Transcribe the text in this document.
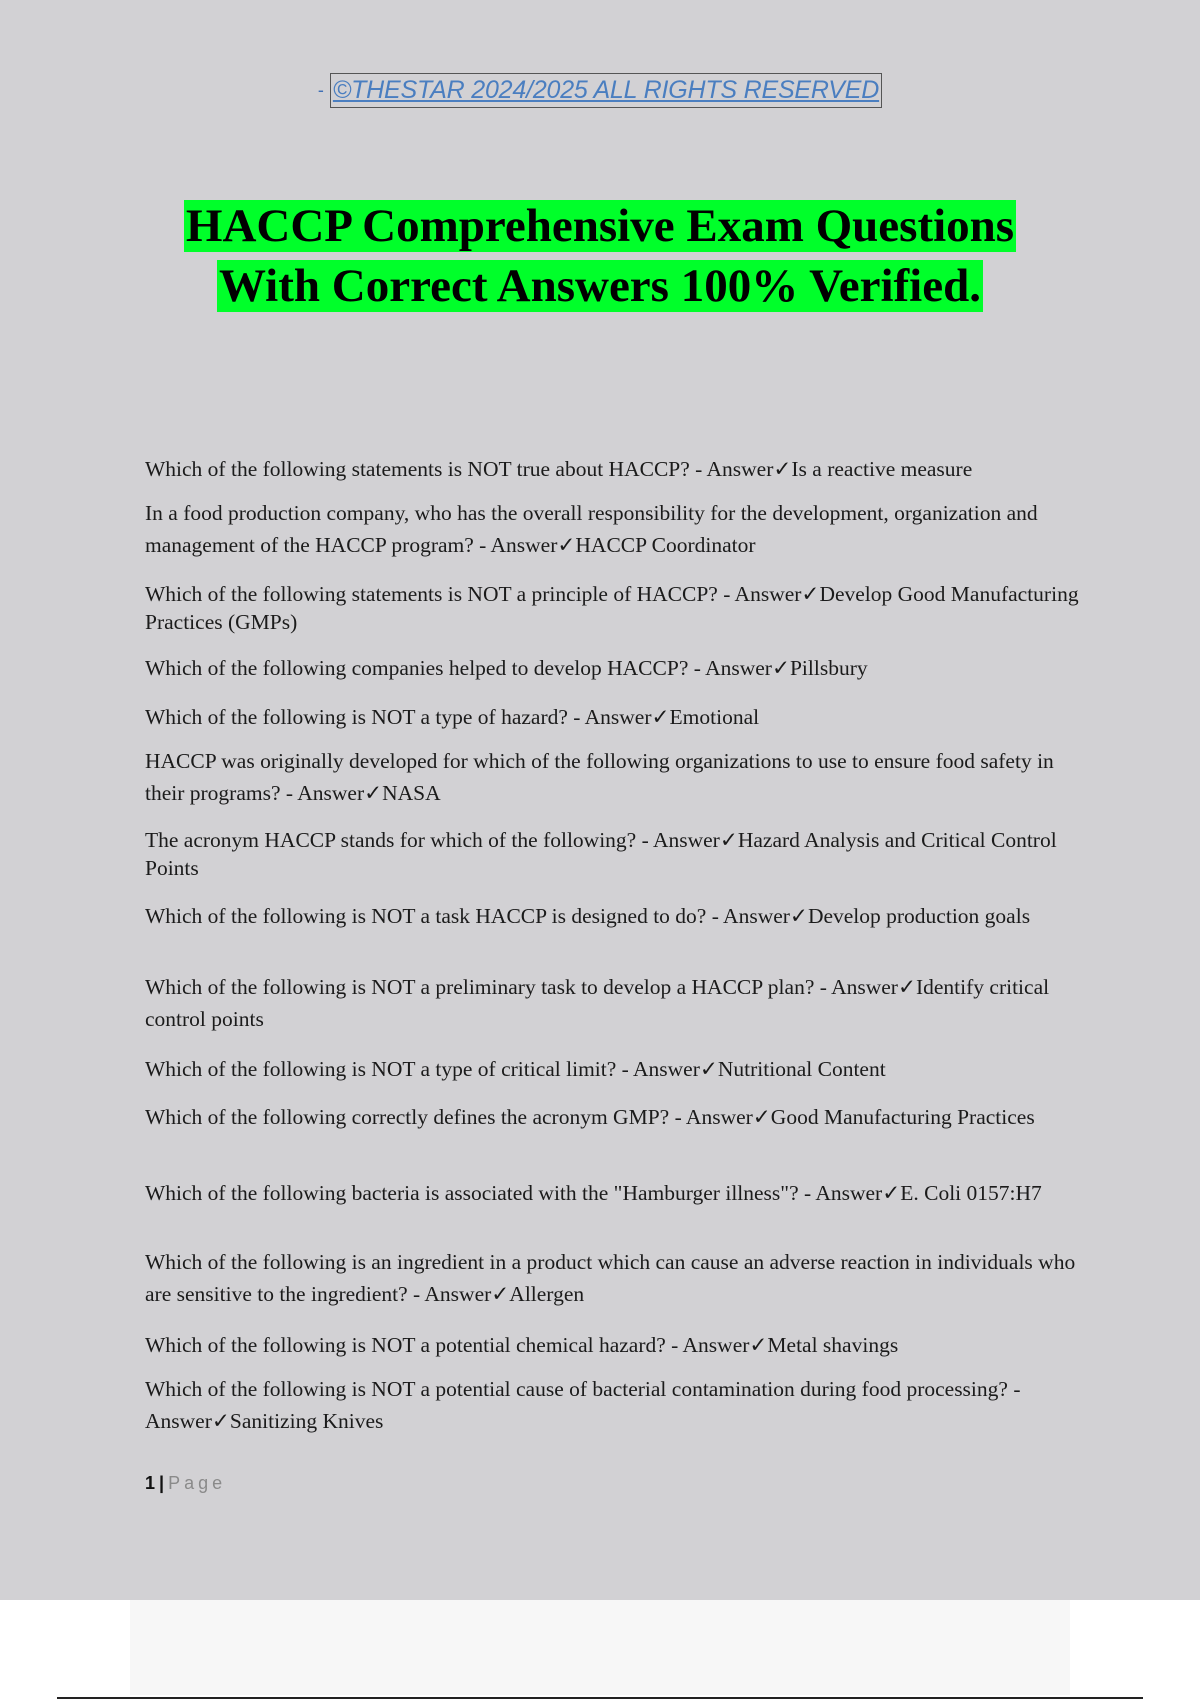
- ©THESTAR 2024/2025 ALL RIGHTS RESERVED
HACCP Comprehensive Exam Questions
With Correct Answers 100% Verified.
Which of the following statements is NOT true about HACCP? - Answer✓Is a reactive measure
In a food production company, who has the overall responsibility for the development, organization and management of the HACCP program? - Answer✓HACCP Coordinator
Which of the following statements is NOT a principle of HACCP? - Answer✓Develop Good Manufacturing Practices (GMPs)
Which of the following companies helped to develop HACCP? - Answer✓Pillsbury
Which of the following is NOT a type of hazard? - Answer✓Emotional
HACCP was originally developed for which of the following organizations to use to ensure food safety in their programs? - Answer✓NASA
The acronym HACCP stands for which of the following? - Answer✓Hazard Analysis and Critical Control Points
Which of the following is NOT a task HACCP is designed to do? - Answer✓Develop production goals
Which of the following is NOT a preliminary task to develop a HACCP plan? - Answer✓Identify critical control points
Which of the following is NOT a type of critical limit? - Answer✓Nutritional Content
Which of the following correctly defines the acronym GMP? - Answer✓Good Manufacturing Practices
Which of the following bacteria is associated with the "Hamburger illness"? - Answer✓E. Coli 0157:H7
Which of the following is an ingredient in a product which can cause an adverse reaction in individuals who are sensitive to the ingredient? - Answer✓Allergen
Which of the following is NOT a potential chemical hazard? - Answer✓Metal shavings
Which of the following is NOT a potential cause of bacterial contamination during food processing? - Answer✓Sanitizing Knives
1 | Page
